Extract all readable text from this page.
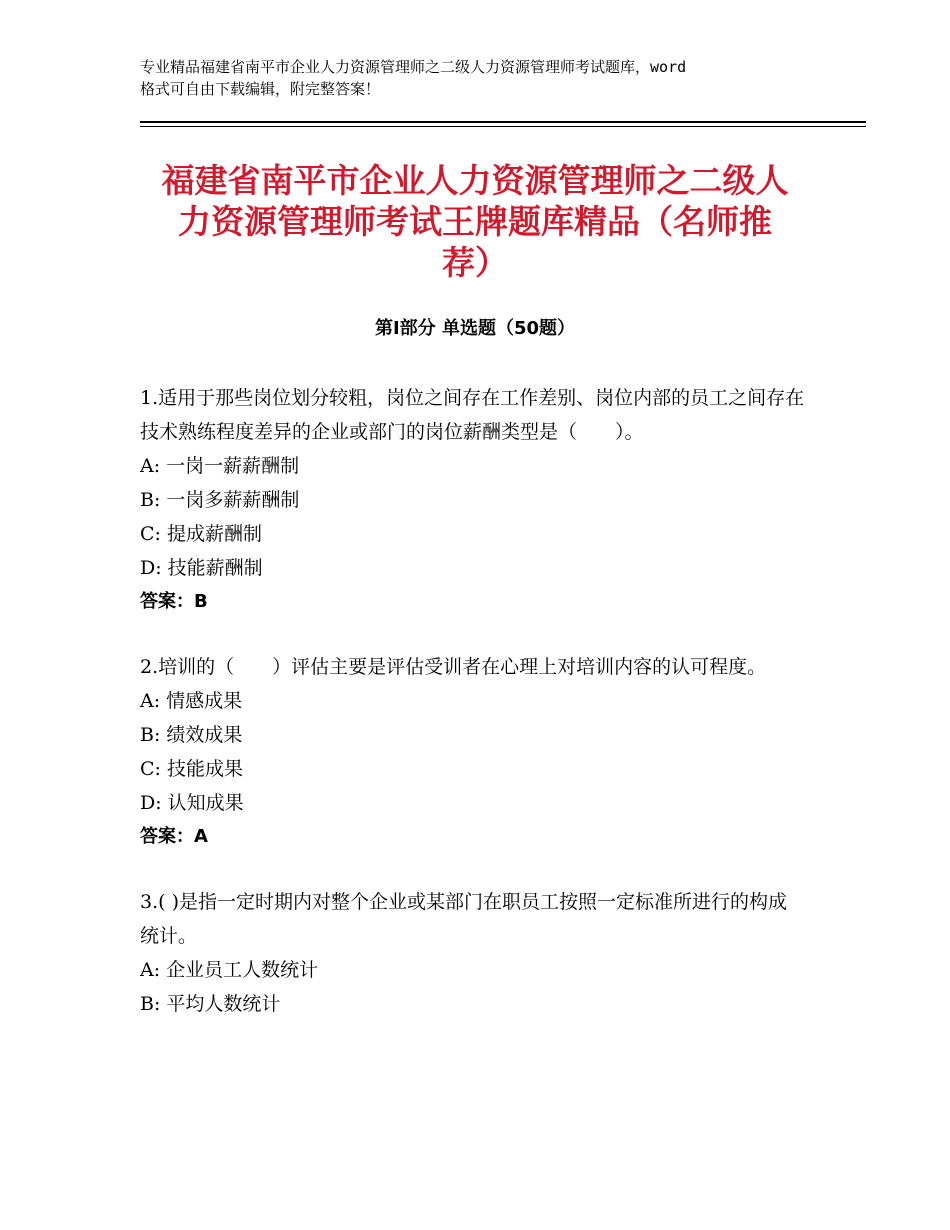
专业精品福建省南平市企业人力资源管理师之二级人力资源管理师考试题库，word
格式可自由下载编辑，附完整答案！
福建省南平市企业人力资源管理师之二级人
力资源管理师考试王牌题库精品（名师推
荐）
第Ⅰ部分 单选题（50题）
1.适用于那些岗位划分较粗，岗位之间存在工作差别、岗位内部的员工之间存在技术熟练程度差异的企业或部门的岗位薪酬类型是（　　）。
A: 一岗一薪薪酬制
B: 一岗多薪薪酬制
C: 提成薪酬制
D: 技能薪酬制
答案：B
2.培训的（　　）评估主要是评估受训者在心理上对培训内容的认可程度。
A: 情感成果
B: 绩效成果
C: 技能成果
D: 认知成果
答案：A
3.( )是指一定时期内对整个企业或某部门在职员工按照一定标准所进行的构成统计。
A: 企业员工人数统计
B: 平均人数统计
